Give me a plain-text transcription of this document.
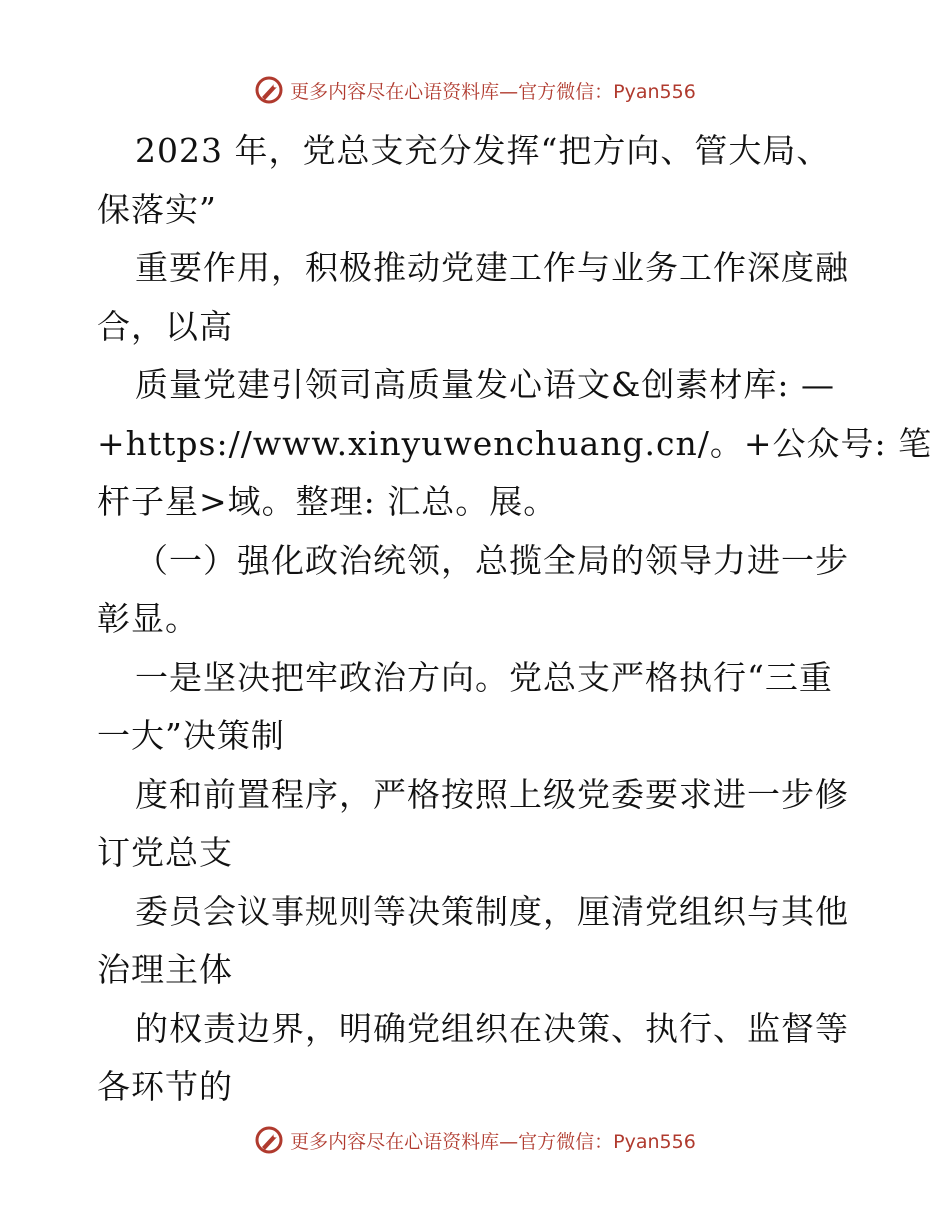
更多内容尽在心语资料库—官方微信：Pyan556
2023 年，党总支充分发挥“把方向、管大局、
保落实”
重要作用，积极推动党建工作与业务工作深度融
合，以高
质量党建引领司高质量发心语文&创素材库: —
+https://www.xinyuwenchuang.cn/。+公众号: 笔
杆子星>域。整理: 汇总。展。
（一）强化政治统领，总揽全局的领导力进一步
彰显。
一是坚决把牢政治方向。党总支严格执行“三重
一大”决策制
度和前置程序，严格按照上级党委要求进一步修
订党总支
委员会议事规则等决策制度，厘清党组织与其他
治理主体
的权责边界，明确党组织在决策、执行、监督等
各环节的
更多内容尽在心语资料库—官方微信：Pyan556
